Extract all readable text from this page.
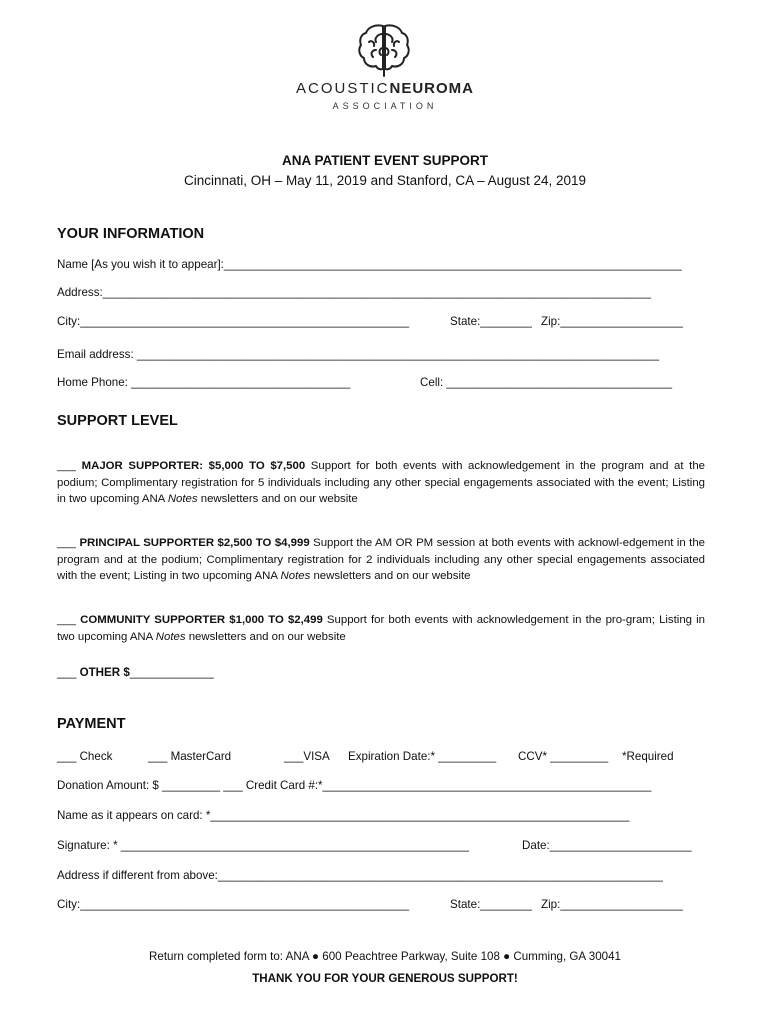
ACOUSTICNEUROMA
ASSOCIATION
ANA PATIENT EVENT SUPPORT
Cincinnati, OH – May 11, 2019 and Stanford, CA – August 24, 2019
YOUR INFORMATION
Name [As you wish it to appear]:_______________________________________________________________________
Address:_____________________________________________________________________________________
City:___________________________________________________	State:________ Zip:___________________
Email address: _________________________________________________________________________________
Home Phone: __________________________________	Cell: ___________________________________
SUPPORT LEVEL
___ MAJOR SUPPORTER: $5,000 TO $7,500 Support for both events with acknowledgement in the program and at the podium; Complimentary registration for 5 individuals including any other special engagements associated with the event; Listing in two upcoming ANA Notes newsletters and on our website
___ PRINCIPAL SUPPORTER $2,500 TO $4,999 Support the AM OR PM session at both events with acknowl-edgement in the program and at the podium; Complimentary registration for 2 individuals including any other special engagements associated with the event; Listing in two upcoming ANA Notes newsletters and on our website
___ COMMUNITY SUPPORTER $1,000 TO $2,499 Support for both events with acknowledgement in the pro-gram; Listing in two upcoming ANA Notes newsletters and on our website
___ OTHER $_____________
PAYMENT
___ Check	___ MasterCard	___VISA Expiration Date:* _________ CCV* _________ *Required
Donation Amount: $ _________ ___ Credit Card #:*___________________________________________________
Name as it appears on card: *_________________________________________________________________
Signature: * ______________________________________________________	Date:______________________
Address if different from above:_____________________________________________________________________
City:___________________________________________________	State:________ Zip:___________________
Return completed form to: ANA ● 600 Peachtree Parkway, Suite 108 ● Cumming, GA 30041
THANK YOU FOR YOUR GENEROUS SUPPORT!
